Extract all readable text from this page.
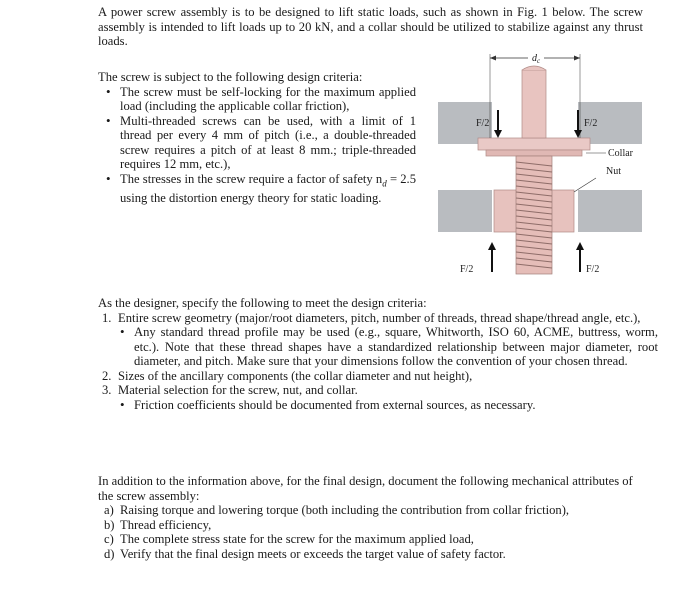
A power screw assembly is to be designed to lift static loads, such as shown in Fig. 1 below. The screw assembly is intended to lift loads up to 20 kN, and a collar should be utilized to stabilize against any thrust loads.
The screw is subject to the following design criteria:
• The screw must be self-locking for the maximum applied load (including the applicable collar friction),
• Multi-threaded screws can be used, with a limit of 1 thread per every 4 mm of pitch (i.e., a double-threaded screw requires a pitch of at least 8 mm.; triple-threaded requires 12 mm, etc.),
• The stresses in the screw require a factor of safety $n_d = 2.5$ using the distortion energy theory for static loading.
$d_c$
F/2	F/2
Collar
Nut
F/2	F/2
As the designer, specify the following to meet the design criteria:
1. Entire screw geometry (major/root diameters, pitch, number of threads, thread shape/thread angle, etc.),
• Any standard thread profile may be used (e.g., square, Whitworth, ISO 60, ACME, buttress, worm, etc.). Note that these thread shapes have a standardized relationship between major diameter, root diameter, and pitch. Make sure that your dimensions follow the convention of your chosen thread.
2. Sizes of the ancillary components (the collar diameter and nut height),
3. Material selection for the screw, nut, and collar.
• Friction coefficients should be documented from external sources, as necessary.
In addition to the information above, for the final design, document the following mechanical attributes of the screw assembly:
a) Raising torque and lowering torque (both including the contribution from collar friction),
b) Thread efficiency,
c) The complete stress state for the screw for the maximum applied load,
d) Verify that the final design meets or exceeds the target value of safety factor.
